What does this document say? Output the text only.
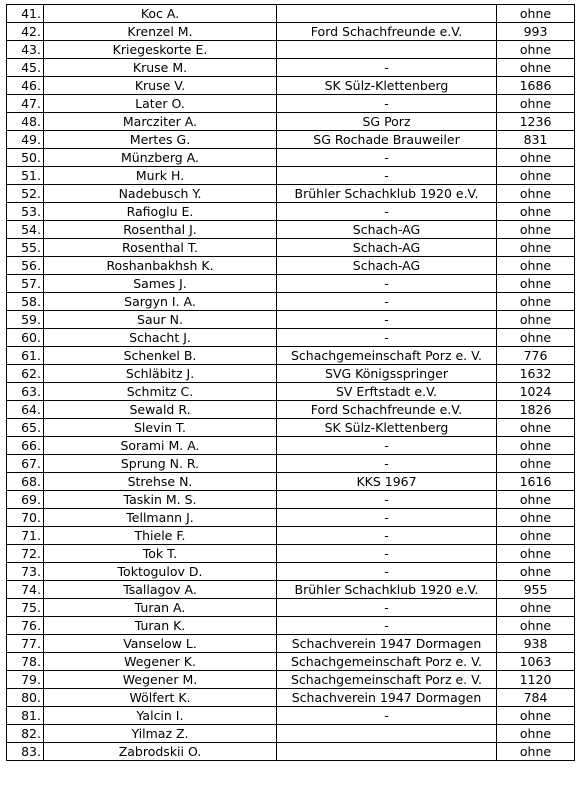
41.	Koc A.		ohne
42.	Krenzel M.	Ford Schachfreunde e.V.	993
43.	Kriegeskorte E.		ohne
45.	Kruse M.	-	ohne
46.	Kruse V.	SK Sülz-Klettenberg	1686
47.	Later O.	-	ohne
48.	Marcziter A.	SG Porz	1236
49.	Mertes G.	SG Rochade Brauweiler	831
50.	Münzberg A.	-	ohne
51.	Murk H.	-	ohne
52.	Nadebusch Y.	Brühler Schachklub 1920 e.V.	ohne
53.	Rafioglu E.	-	ohne
54.	Rosenthal J.	Schach-AG	ohne
55.	Rosenthal T.	Schach-AG	ohne
56.	Roshanbakhsh K.	Schach-AG	ohne
57.	Sames J.	-	ohne
58.	Sargyn I. A.	-	ohne
59.	Saur N.	-	ohne
60.	Schacht J.	-	ohne
61.	Schenkel B.	Schachgemeinschaft Porz e. V.	776
62.	Schläbitz J.	SVG Königsspringer	1632
63.	Schmitz C.	SV Erftstadt e.V.	1024
64.	Sewald R.	Ford Schachfreunde e.V.	1826
65.	Slevin T.	SK Sülz-Klettenberg	ohne
66.	Sorami M. A.	-	ohne
67.	Sprung N. R.	-	ohne
68.	Strehse N.	KKS 1967	1616
69.	Taskin M. S.	-	ohne
70.	Tellmann J.	-	ohne
71.	Thiele F.	-	ohne
72.	Tok T.	-	ohne
73.	Toktogulov D.	-	ohne
74.	Tsallagov A.	Brühler Schachklub 1920 e.V.	955
75.	Turan A.	-	ohne
76.	Turan K.	-	ohne
77.	Vanselow L.	Schachverein 1947 Dormagen	938
78.	Wegener K.	Schachgemeinschaft Porz e. V.	1063
79.	Wegener M.	Schachgemeinschaft Porz e. V.	1120
80.	Wölfert K.	Schachverein 1947 Dormagen	784
81.	Yalcin I.	-	ohne
82.	Yilmaz Z.		ohne
83.	Zabrodskii O.		ohne
